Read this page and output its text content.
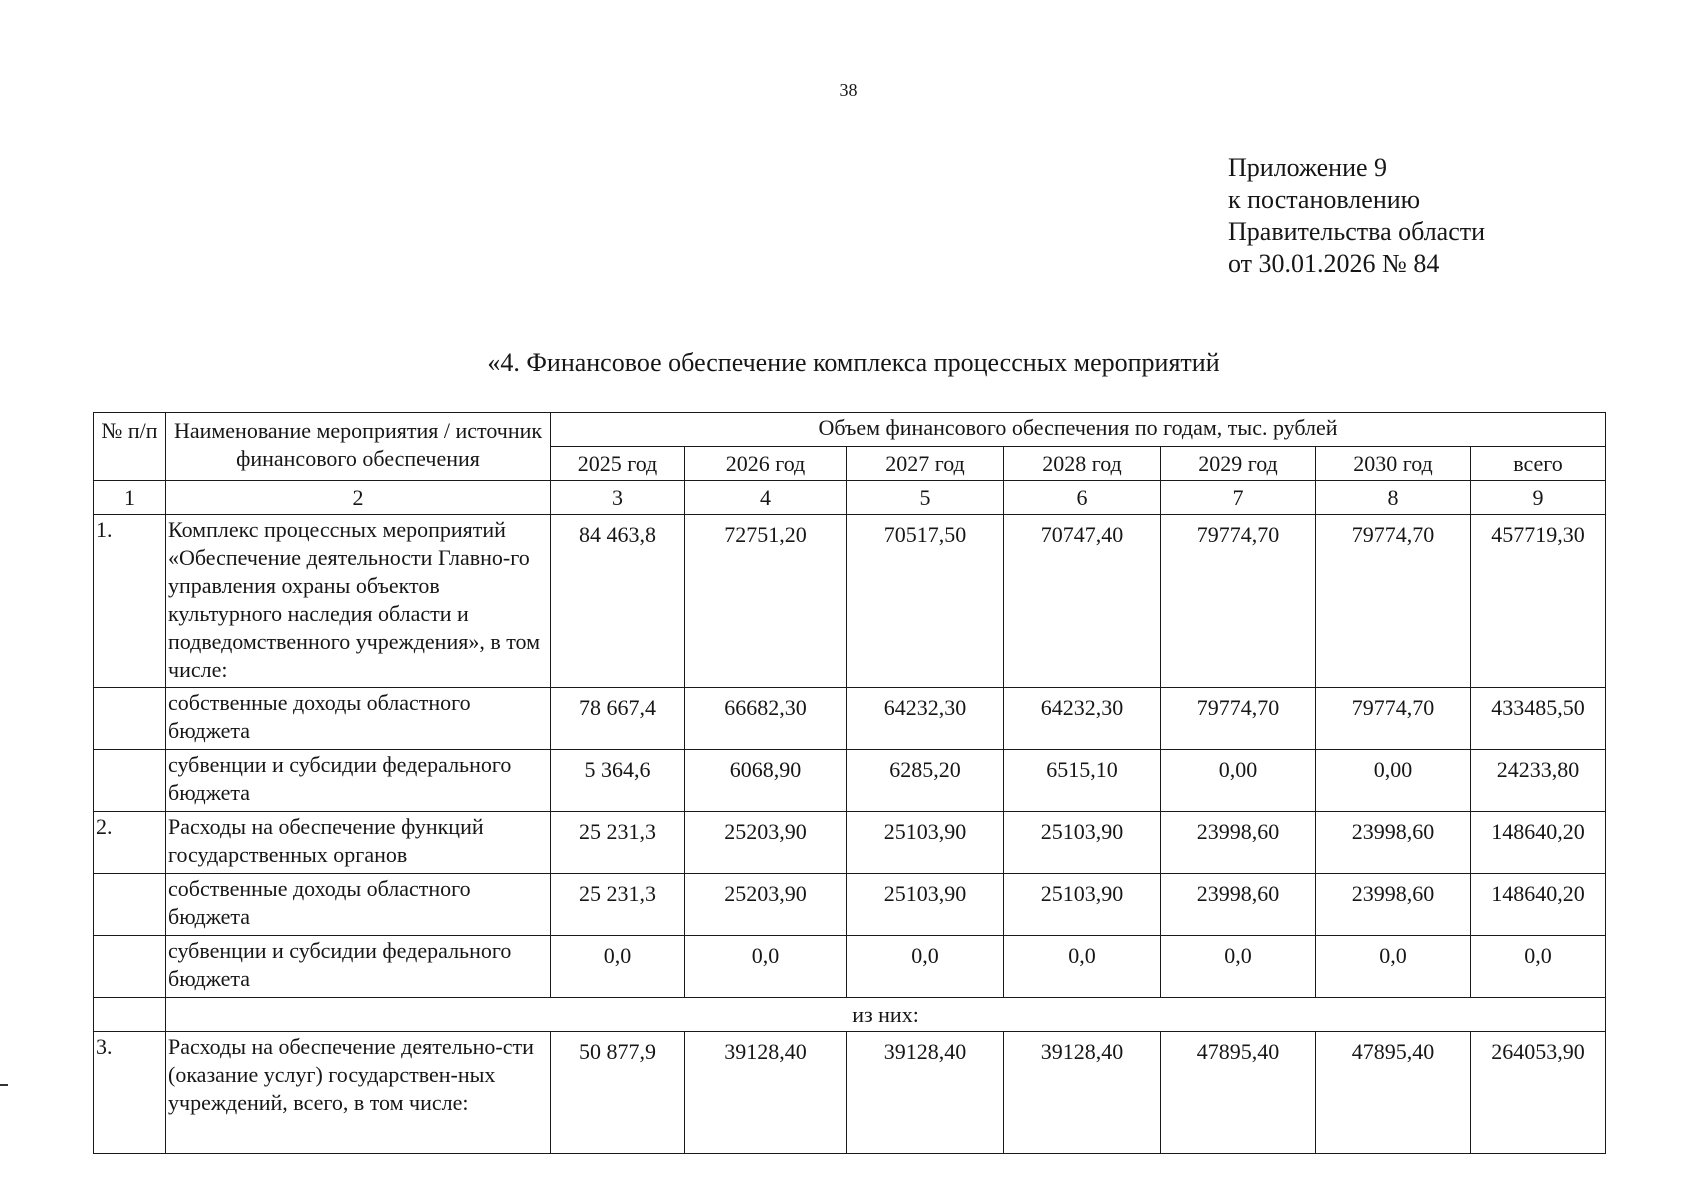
38
Приложение 9
к постановлению
Правительства области
от 30.01.2026 № 84
«4. Финансовое обеспечение комплекса процессных мероприятий
№ п/п	Наименование мероприятия / источник финансового обеспечения	Объем финансового обеспечения по годам, тыс. рублей						
		2025 год	2026 год	2027 год	2028 год	2029 год	2030 год	всего
1	2	3	4	5	6	7	8	9
1.	Комплекс процессных мероприятий «Обеспечение деятельности Главно-го управления охраны объектов культурного наследия области и подведомственного учреждения», в том числе:	84 463,8	72751,20	70517,50	70747,40	79774,70	79774,70	457719,30
	собственные доходы областного бюджета	78 667,4	66682,30	64232,30	64232,30	79774,70	79774,70	433485,50
	субвенции и субсидии федерального бюджета	5 364,6	6068,90	6285,20	6515,10	0,00	0,00	24233,80
2.	Расходы на обеспечение функций государственных органов	25 231,3	25203,90	25103,90	25103,90	23998,60	23998,60	148640,20
	собственные доходы областного бюджета	25 231,3	25203,90	25103,90	25103,90	23998,60	23998,60	148640,20
	субвенции и субсидии федерального бюджета	0,0	0,0	0,0	0,0	0,0	0,0	0,0
	из них:							
3.	Расходы на обеспечение деятельно-сти (оказание услуг) государствен-ных учреждений, всего, в том числе:	50 877,9	39128,40	39128,40	39128,40	47895,40	47895,40	264053,90
